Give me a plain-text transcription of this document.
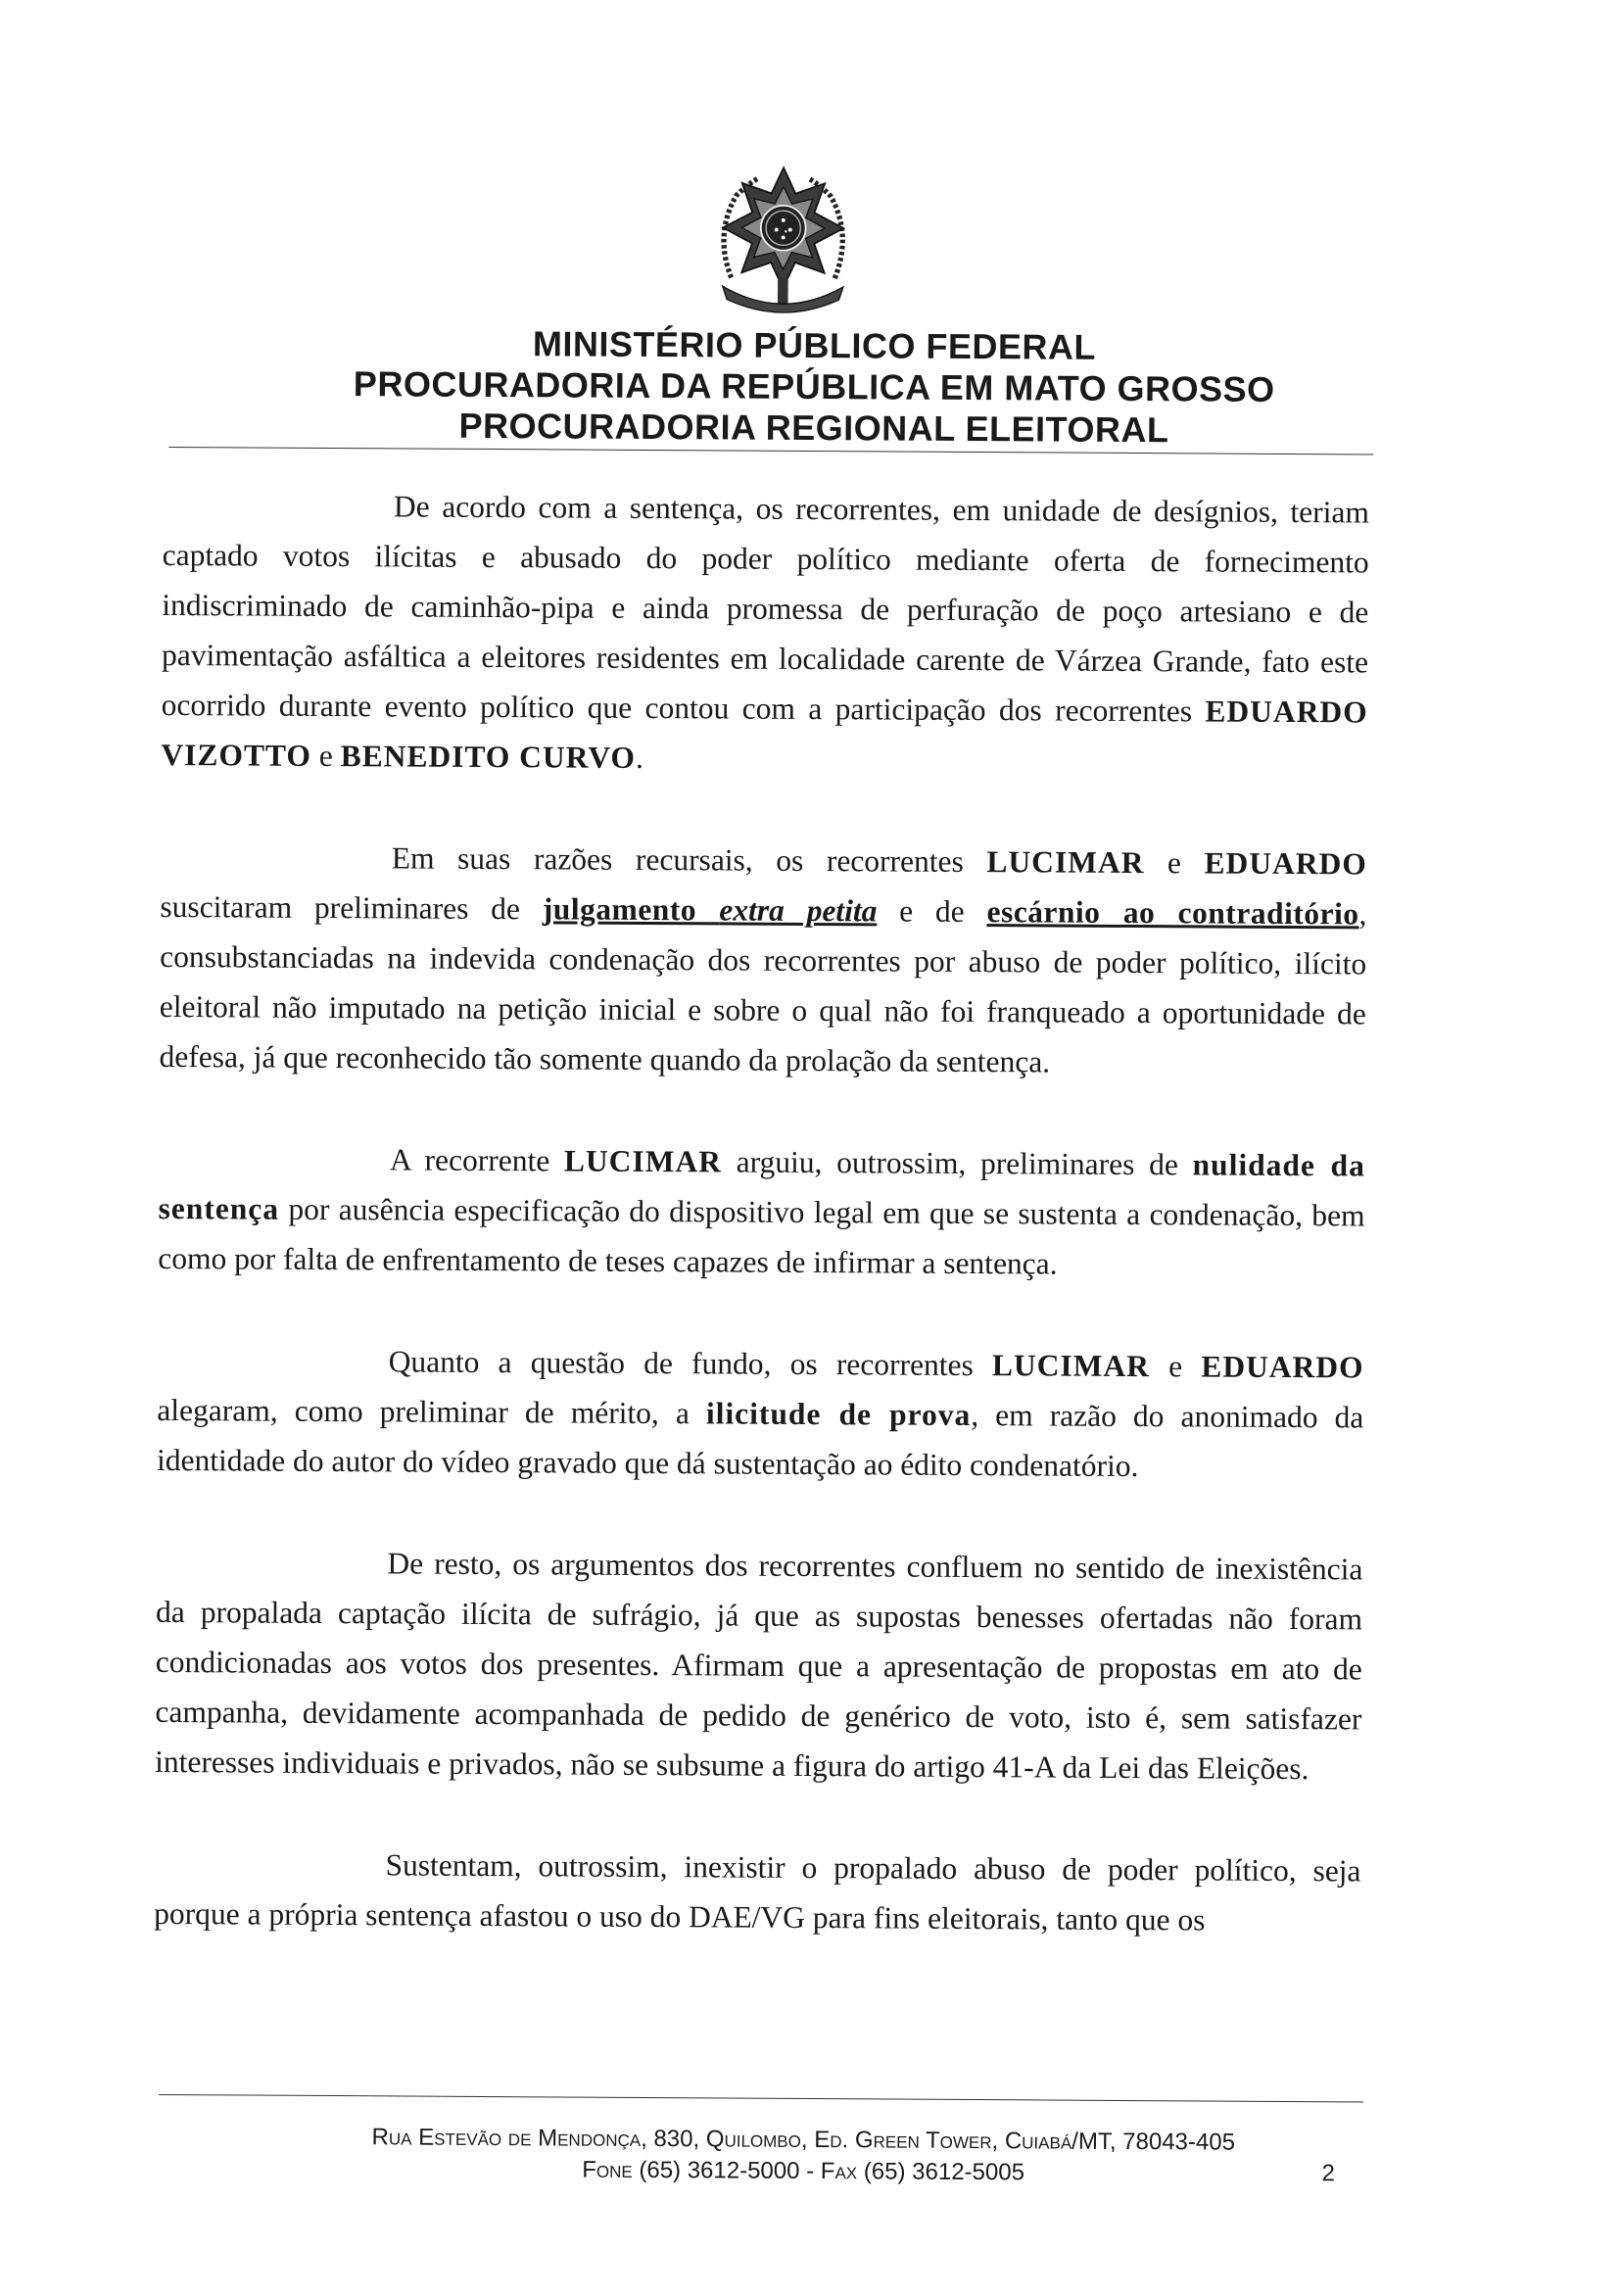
MINISTÉRIO PÚBLICO FEDERAL
PROCURADORIA DA REPÚBLICA EM MATO GROSSO
PROCURADORIA REGIONAL ELEITORAL

De acordo com a sentença, os recorrentes, em unidade de desígnios, teriam captado votos ilícitas e abusado do poder político mediante oferta de fornecimento indiscriminado de caminhão-pipa e ainda promessa de perfuração de poço artesiano e de pavimentação asfáltica a eleitores residentes em localidade carente de Várzea Grande, fato este ocorrido durante evento político que contou com a participação dos recorrentes EDUARDO VIZOTTO e BENEDITO CURVO.

Em suas razões recursais, os recorrentes LUCIMAR e EDUARDO suscitaram preliminares de julgamento extra petita e de escárnio ao contraditório, consubstanciadas na indevida condenação dos recorrentes por abuso de poder político, ilícito eleitoral não imputado na petição inicial e sobre o qual não foi franqueado a oportunidade de defesa, já que reconhecido tão somente quando da prolação da sentença.

A recorrente LUCIMAR arguiu, outrossim, preliminares de nulidade da sentença por ausência especificação do dispositivo legal em que se sustenta a condenação, bem como por falta de enfrentamento de teses capazes de infirmar a sentença.

Quanto a questão de fundo, os recorrentes LUCIMAR e EDUARDO alegaram, como preliminar de mérito, a ilicitude de prova, em razão do anonimado da identidade do autor do vídeo gravado que dá sustentação ao édito condenatório.

De resto, os argumentos dos recorrentes confluem no sentido de inexistência da propalada captação ilícita de sufrágio, já que as supostas benesses ofertadas não foram condicionadas aos votos dos presentes. Afirmam que a apresentação de propostas em ato de campanha, devidamente acompanhada de pedido de genérico de voto, isto é, sem satisfazer interesses individuais e privados, não se subsume a figura do artigo 41-A da Lei das Eleições.

Sustentam, outrossim, inexistir o propalado abuso de poder político, seja porque a própria sentença afastou o uso do DAE/VG para fins eleitorais, tanto que os

Rua Estevão de Mendonça, 830, Quilombo, Ed. Green Tower, Cuiabá/MT, 78043-405
Fone (65) 3612-5000 - Fax (65) 3612-5005	2
